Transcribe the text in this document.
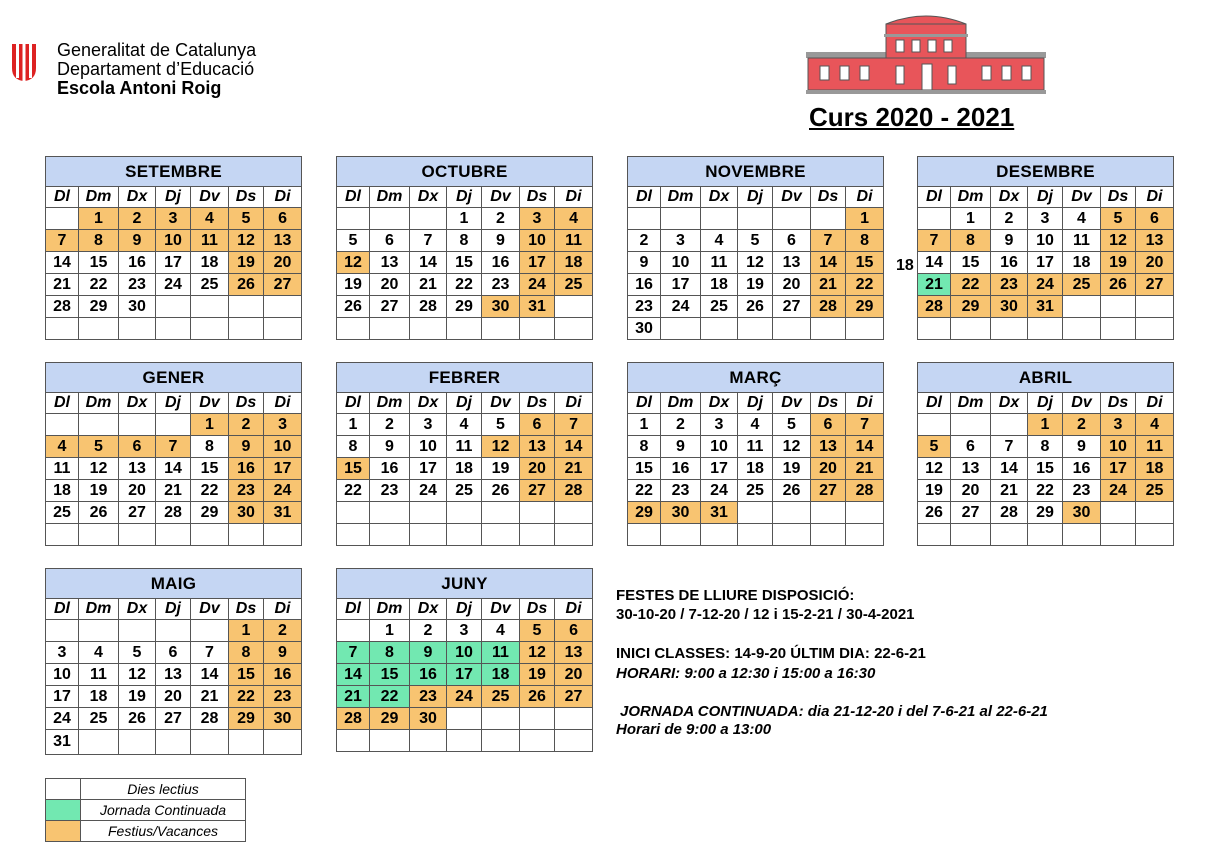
Generalitat de Catalunya
Departament d’Educació
Escola Antoni Roig
Curs 2020 - 2021
SETEMBRE						
Dl	Dm	Dx	Dj	Dv	Ds	Di
	1	2	3	4	5	6
7	8	9	10	11	12	13
14	15	16	17	18	19	20
21	22	23	24	25	26	27
28	29	30				

OCTUBRE						
Dl	Dm	Dx	Dj	Dv	Ds	Di
			1	2	3	4
5	6	7	8	9	10	11
12	13	14	15	16	17	18
19	20	21	22	23	24	25
26	27	28	29	30	31	

NOVEMBRE						
Dl	Dm	Dx	Dj	Dv	Ds	Di
						1
2	3	4	5	6	7	8
9	10	11	12	13	14	15
16	17	18	19	20	21	22
23	24	25	26	27	28	29
30						
DESEMBRE						
Dl	Dm	Dx	Dj	Dv	Ds	Di
	1	2	3	4	5	6
7	8	9	10	11	12	13
14	15	16	17	18	19	20
21	22	23	24	25	26	27
28	29	30	31			

GENER						
Dl	Dm	Dx	Dj	Dv	Ds	Di
				1	2	3
4	5	6	7	8	9	10
11	12	13	14	15	16	17
18	19	20	21	22	23	24
25	26	27	28	29	30	31

FEBRER						
Dl	Dm	Dx	Dj	Dv	Ds	Di
1	2	3	4	5	6	7
8	9	10	11	12	13	14
15	16	17	18	19	20	21
22	23	24	25	26	27	28

MARÇ						
Dl	Dm	Dx	Dj	Dv	Ds	Di
1	2	3	4	5	6	7
8	9	10	11	12	13	14
15	16	17	18	19	20	21
22	23	24	25	26	27	28
29	30	31				

ABRIL						
Dl	Dm	Dx	Dj	Dv	Ds	Di
			1	2	3	4
5	6	7	8	9	10	11
12	13	14	15	16	17	18
19	20	21	22	23	24	25
26	27	28	29	30		

MAIG						
Dl	Dm	Dx	Dj	Dv	Ds	Di
					1	2
3	4	5	6	7	8	9
10	11	12	13	14	15	16
17	18	19	20	21	22	23
24	25	26	27	28	29	30
31						
JUNY						
Dl	Dm	Dx	Dj	Dv	Ds	Di
	1	2	3	4	5	6
7	8	9	10	11	12	13
14	15	16	17	18	19	20
21	22	23	24	25	26	27
28	29	30				

18
FESTES DE LLIURE DISPOSICIÓ:
30-10-20 / 7-12-20 / 12 i 15-2-21 / 30-4-2021
INICI CLASSES: 14-9-20 ÚLTIM DIA: 22-6-21
HORARI: 9:00 a 12:30 i 15:00 a 16:30
JORNADA CONTINUADA: dia 21-12-20 i del 7-6-21 al 22-6-21
Horari de 9:00 a 13:00
	Dies lectius
	Jornada Continuada
	Festius/Vacances
